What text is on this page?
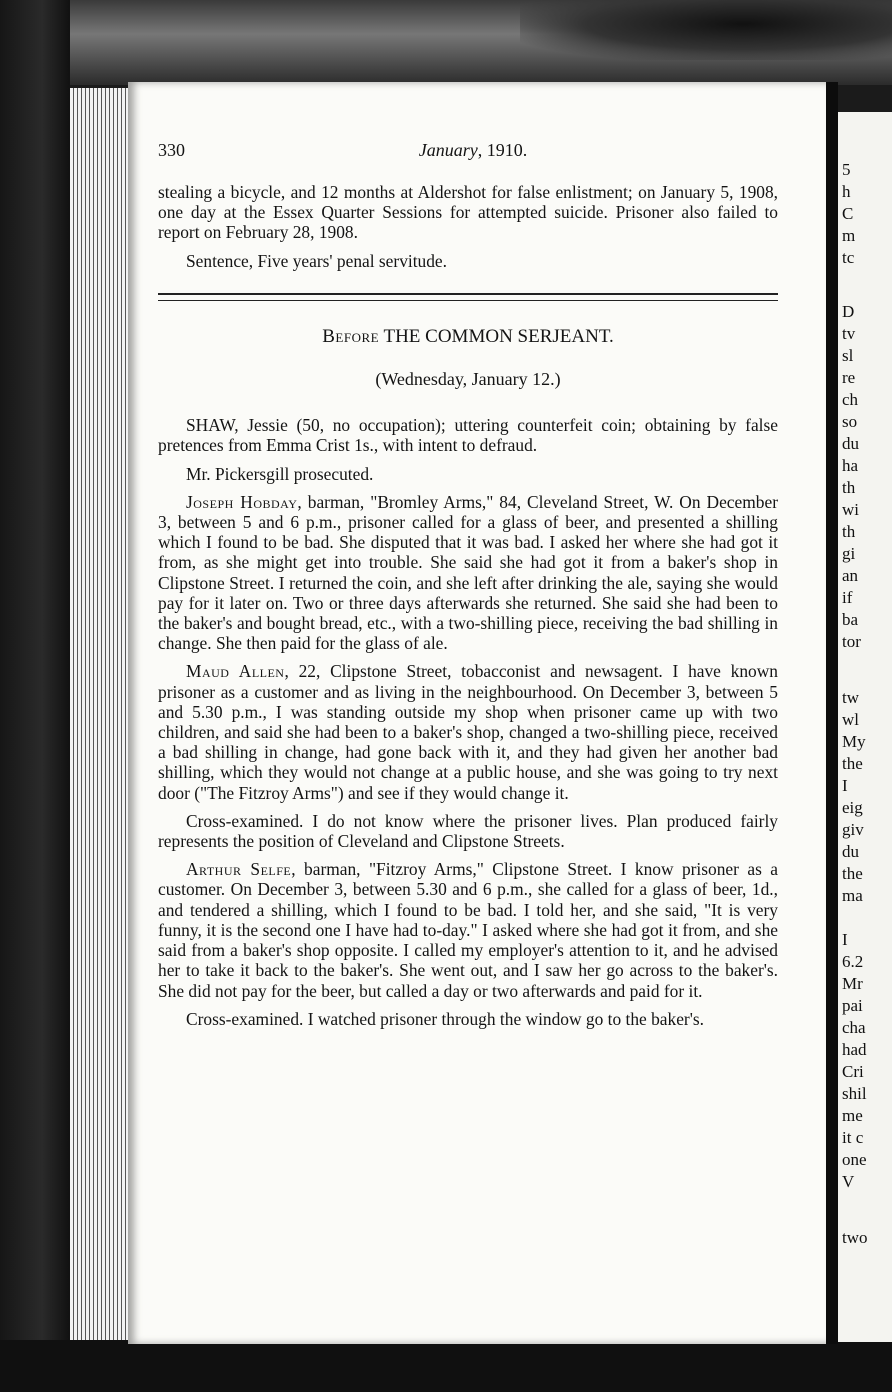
5
h
C
m
tc
D
tv
sl
re
ch
so
du
ha
th
wi
th
gi
an
if
ba
tor
tw
wl
My
the
I
eig
giv
du
the
ma
I
6.2
Mr
pai
cha
had
Cri
shil
me
it c
one
V
two
330	January, 1910.

stealing a bicycle, and 12 months at Aldershot for false enlistment; on January 5, 1908, one day at the Essex Quarter Sessions for attempted suicide. Prisoner also failed to report on February 28, 1908.

Sentence, Five years' penal servitude.

Before THE COMMON SERJEANT.
(Wednesday, January 12.)

SHAW, Jessie (50, no occupation); uttering counterfeit coin; obtaining by false pretences from Emma Crist 1s., with intent to defraud.

Mr. Pickersgill prosecuted.

Joseph Hobday, barman, "Bromley Arms," 84, Cleveland Street, W. On December 3, between 5 and 6 p.m., prisoner called for a glass of beer, and presented a shilling which I found to be bad. She disputed that it was bad. I asked her where she had got it from, as she might get into trouble. She said she had got it from a baker's shop in Clipstone Street. I returned the coin, and she left after drinking the ale, saying she would pay for it later on. Two or three days afterwards she returned. She said she had been to the baker's and bought bread, etc., with a two-shilling piece, receiving the bad shilling in change. She then paid for the glass of ale.

Maud Allen, 22, Clipstone Street, tobacconist and newsagent. I have known prisoner as a customer and as living in the neighbourhood. On December 3, between 5 and 5.30 p.m., I was standing outside my shop when prisoner came up with two children, and said she had been to a baker's shop, changed a two-shilling piece, received a bad shilling in change, had gone back with it, and they had given her another bad shilling, which they would not change at a public house, and she was going to try next door ("The Fitzroy Arms") and see if they would change it.

Cross-examined. I do not know where the prisoner lives. Plan produced fairly represents the position of Cleveland and Clipstone Streets.

Arthur Selfe, barman, "Fitzroy Arms," Clipstone Street. I know prisoner as a customer. On December 3, between 5.30 and 6 p.m., she called for a glass of beer, 1d., and tendered a shilling, which I found to be bad. I told her, and she said, "It is very funny, it is the second one I have had to-day." I asked where she had got it from, and she said from a baker's shop opposite. I called my employer's attention to it, and he advised her to take it back to the baker's. She went out, and I saw her go across to the baker's. She did not pay for the beer, but called a day or two afterwards and paid for it.

Cross-examined. I watched prisoner through the window go to the baker's.
